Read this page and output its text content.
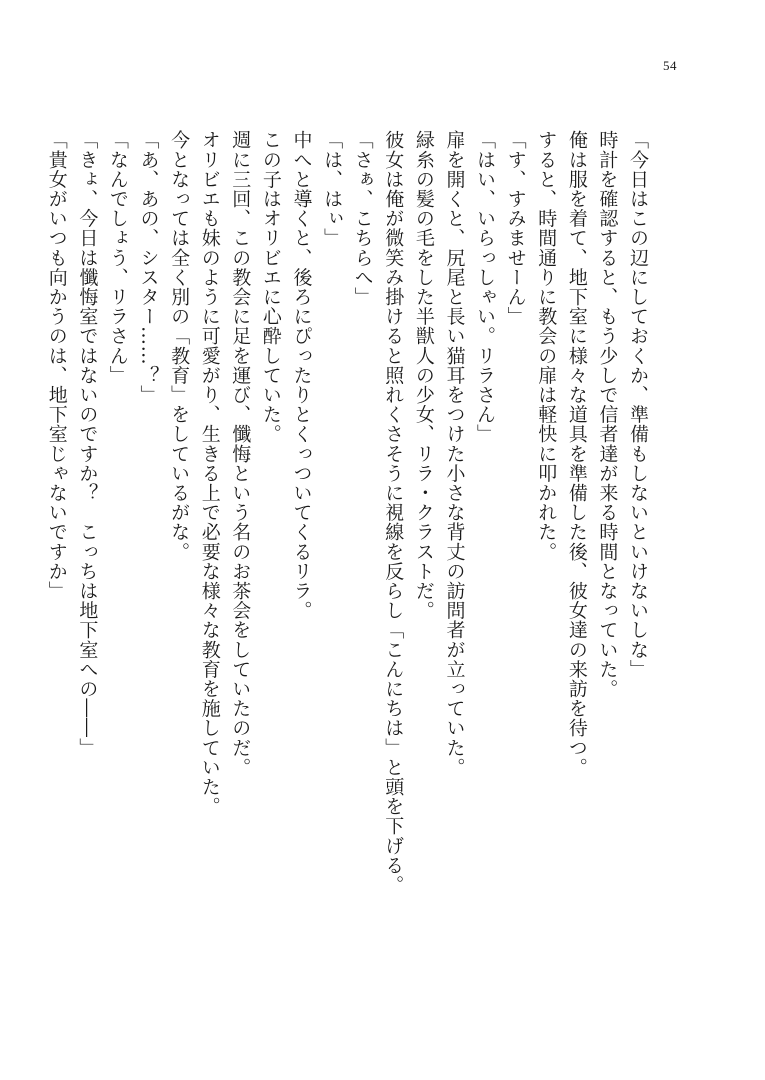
54
「今日はこの辺にしておくか、準備もしないといけないしな」
時計を確認すると、もう少しで信者達が来る時間となっていた。
俺は服を着て、地下室に様々な道具を準備した後、彼女達の来訪を待つ。
すると、時間通りに教会の扉は軽快に叩かれた。
「す、すみませーん」
「はい、いらっしゃい。リラさん」
扉を開くと、尻尾と長い猫耳をつけた小さな背丈の訪問者が立っていた。
緑糸の髪の毛をした半獣人の少女、リラ・クラストだ。
彼女は俺が微笑み掛けると照れくさそうに視線を反らし「こんにちは」と頭を下げる。
「さぁ、こちらへ」
「は、はぃ」
中へと導くと、後ろにぴったりとくっついてくるリラ。
この子はオリビエに心酔していた。
週に三回、この教会に足を運び、懺悔という名のお茶会をしていたのだ。
オリビエも妹のように可愛がり、生きる上で必要な様々な教育を施していた。
今となっては全く別の「教育」をしているがな。
「あ、あの、シスター……？」
「なんでしょう、リラさん」
「きょ、今日は懺悔室ではないのですか？　こっちは地下室への――」
「貴女がいつも向かうのは、地下室じゃないですか」
